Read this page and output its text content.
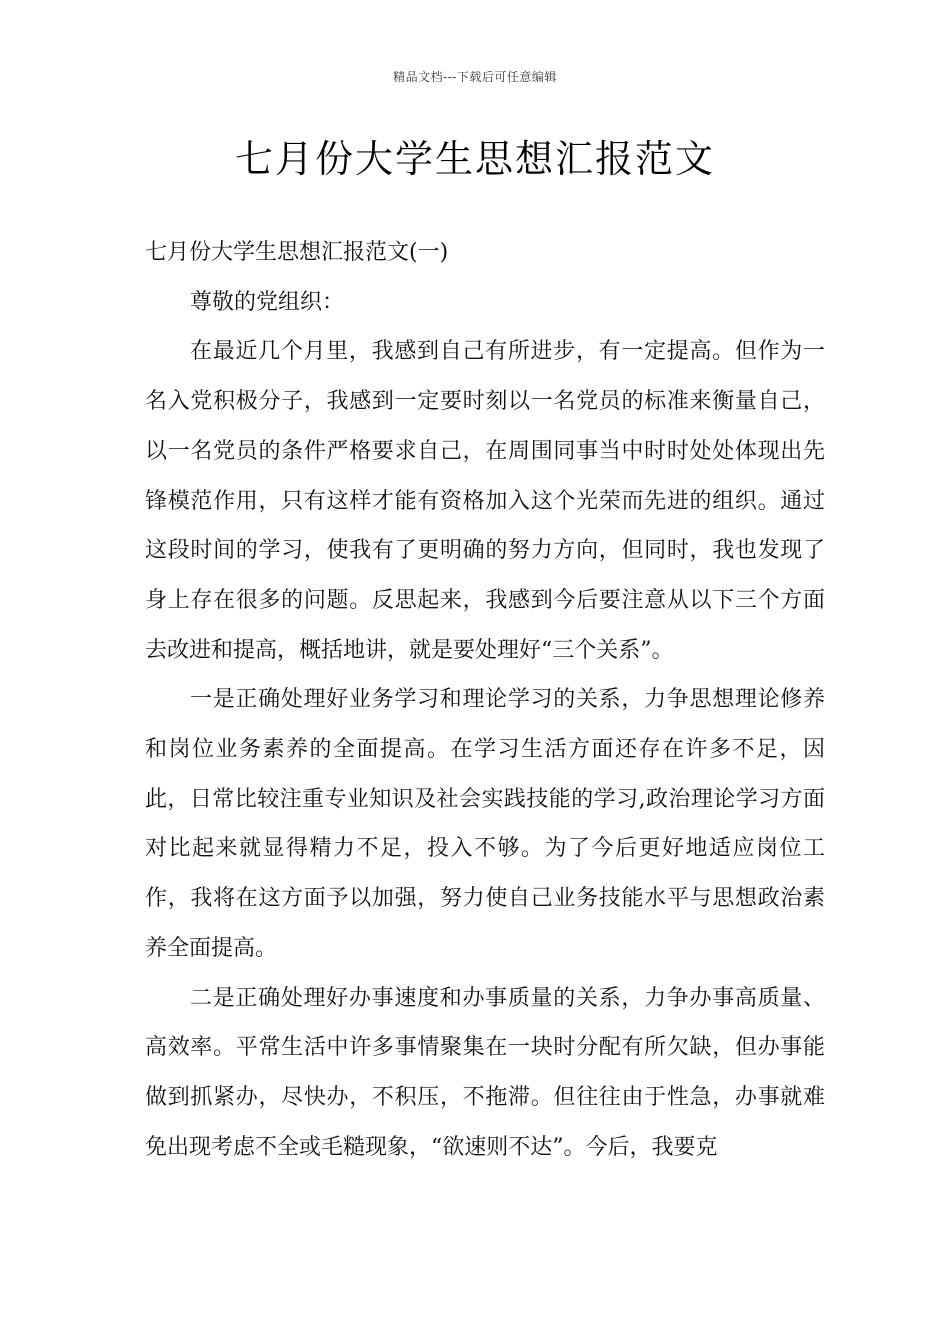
精品文档---下载后可任意编辑
七月份大学生思想汇报范文

七月份大学生思想汇报范文(一)

尊敬的党组织：

在最近几个月里，我感到自己有所进步，有一定提高。但作为一名入党积极分子，我感到一定要时刻以一名党员的标准来衡量自己，以一名党员的条件严格要求自己，在周围同事当中时时处处体现出先锋模范作用，只有这样才能有资格加入这个光荣而先进的组织。通过这段时间的学习，使我有了更明确的努力方向，但同时，我也发现了身上存在很多的问题。反思起来，我感到今后要注意从以下三个方面去改进和提高，概括地讲，就是要处理好“三个关系”。

一是正确处理好业务学习和理论学习的关系，力争思想理论修养和岗位业务素养的全面提高。在学习生活方面还存在许多不足，因此，日常比较注重专业知识及社会实践技能的学习,政治理论学习方面对比起来就显得精力不足，投入不够。为了今后更好地适应岗位工作，我将在这方面予以加强，努力使自己业务技能水平与思想政治素养全面提高。

二是正确处理好办事速度和办事质量的关系，力争办事高质量、高效率。平常生活中许多事情聚集在一块时分配有所欠缺，但办事能做到抓紧办，尽快办，不积压，不拖滞。但往往由于性急，办事就难免出现考虑不全或毛糙现象，“欲速则不达”。今后，我要克
